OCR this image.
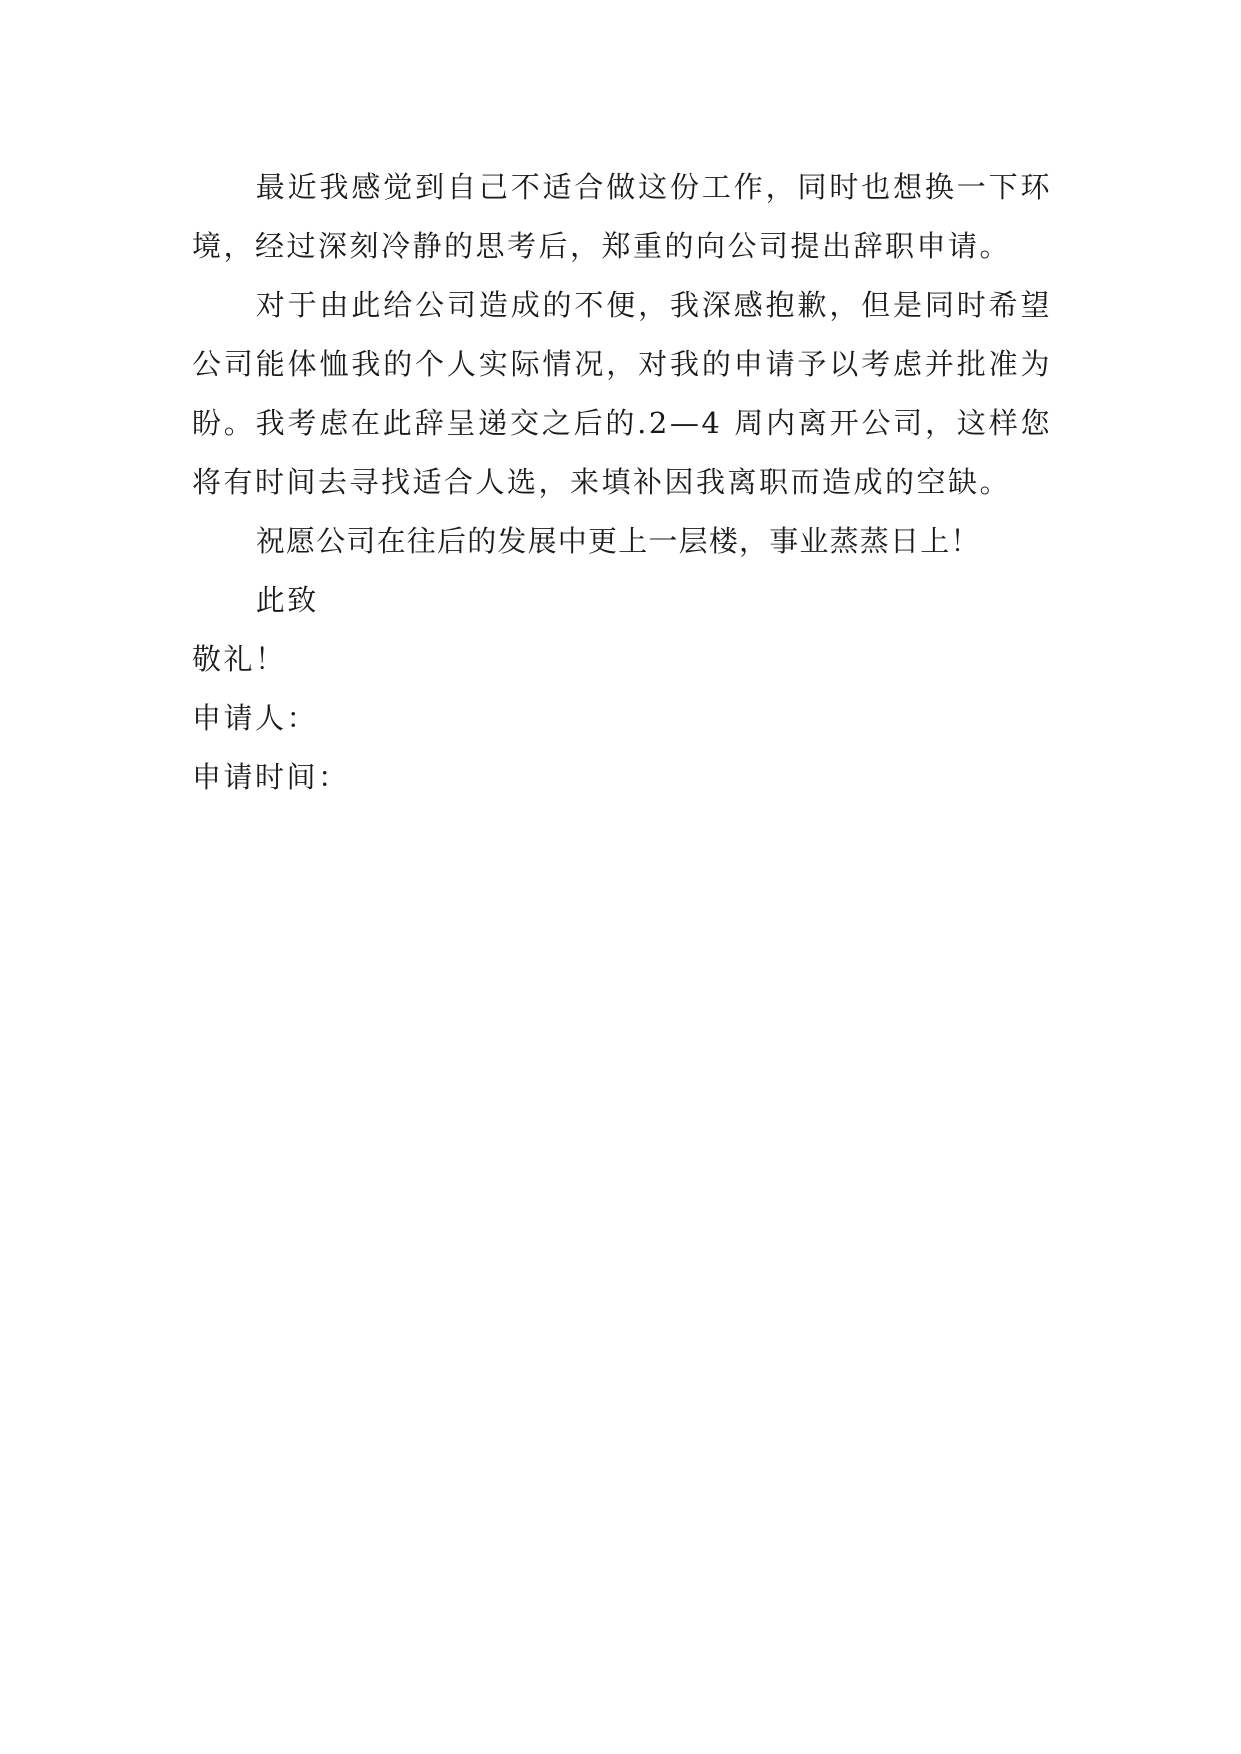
最近我感觉到自己不适合做这份工作，同时也想换一下环境，经过深刻冷静的思考后，郑重的向公司提出辞职申请。

对于由此给公司造成的不便，我深感抱歉，但是同时希望公司能体恤我的个人实际情况，对我的申请予以考虑并批准为盼。我考虑在此辞呈递交之后的.2—4 周内离开公司，这样您将有时间去寻找适合人选，来填补因我离职而造成的空缺。

祝愿公司在往后的发展中更上一层楼，事业蒸蒸日上！

此致

敬礼！

申请人：

申请时间：
